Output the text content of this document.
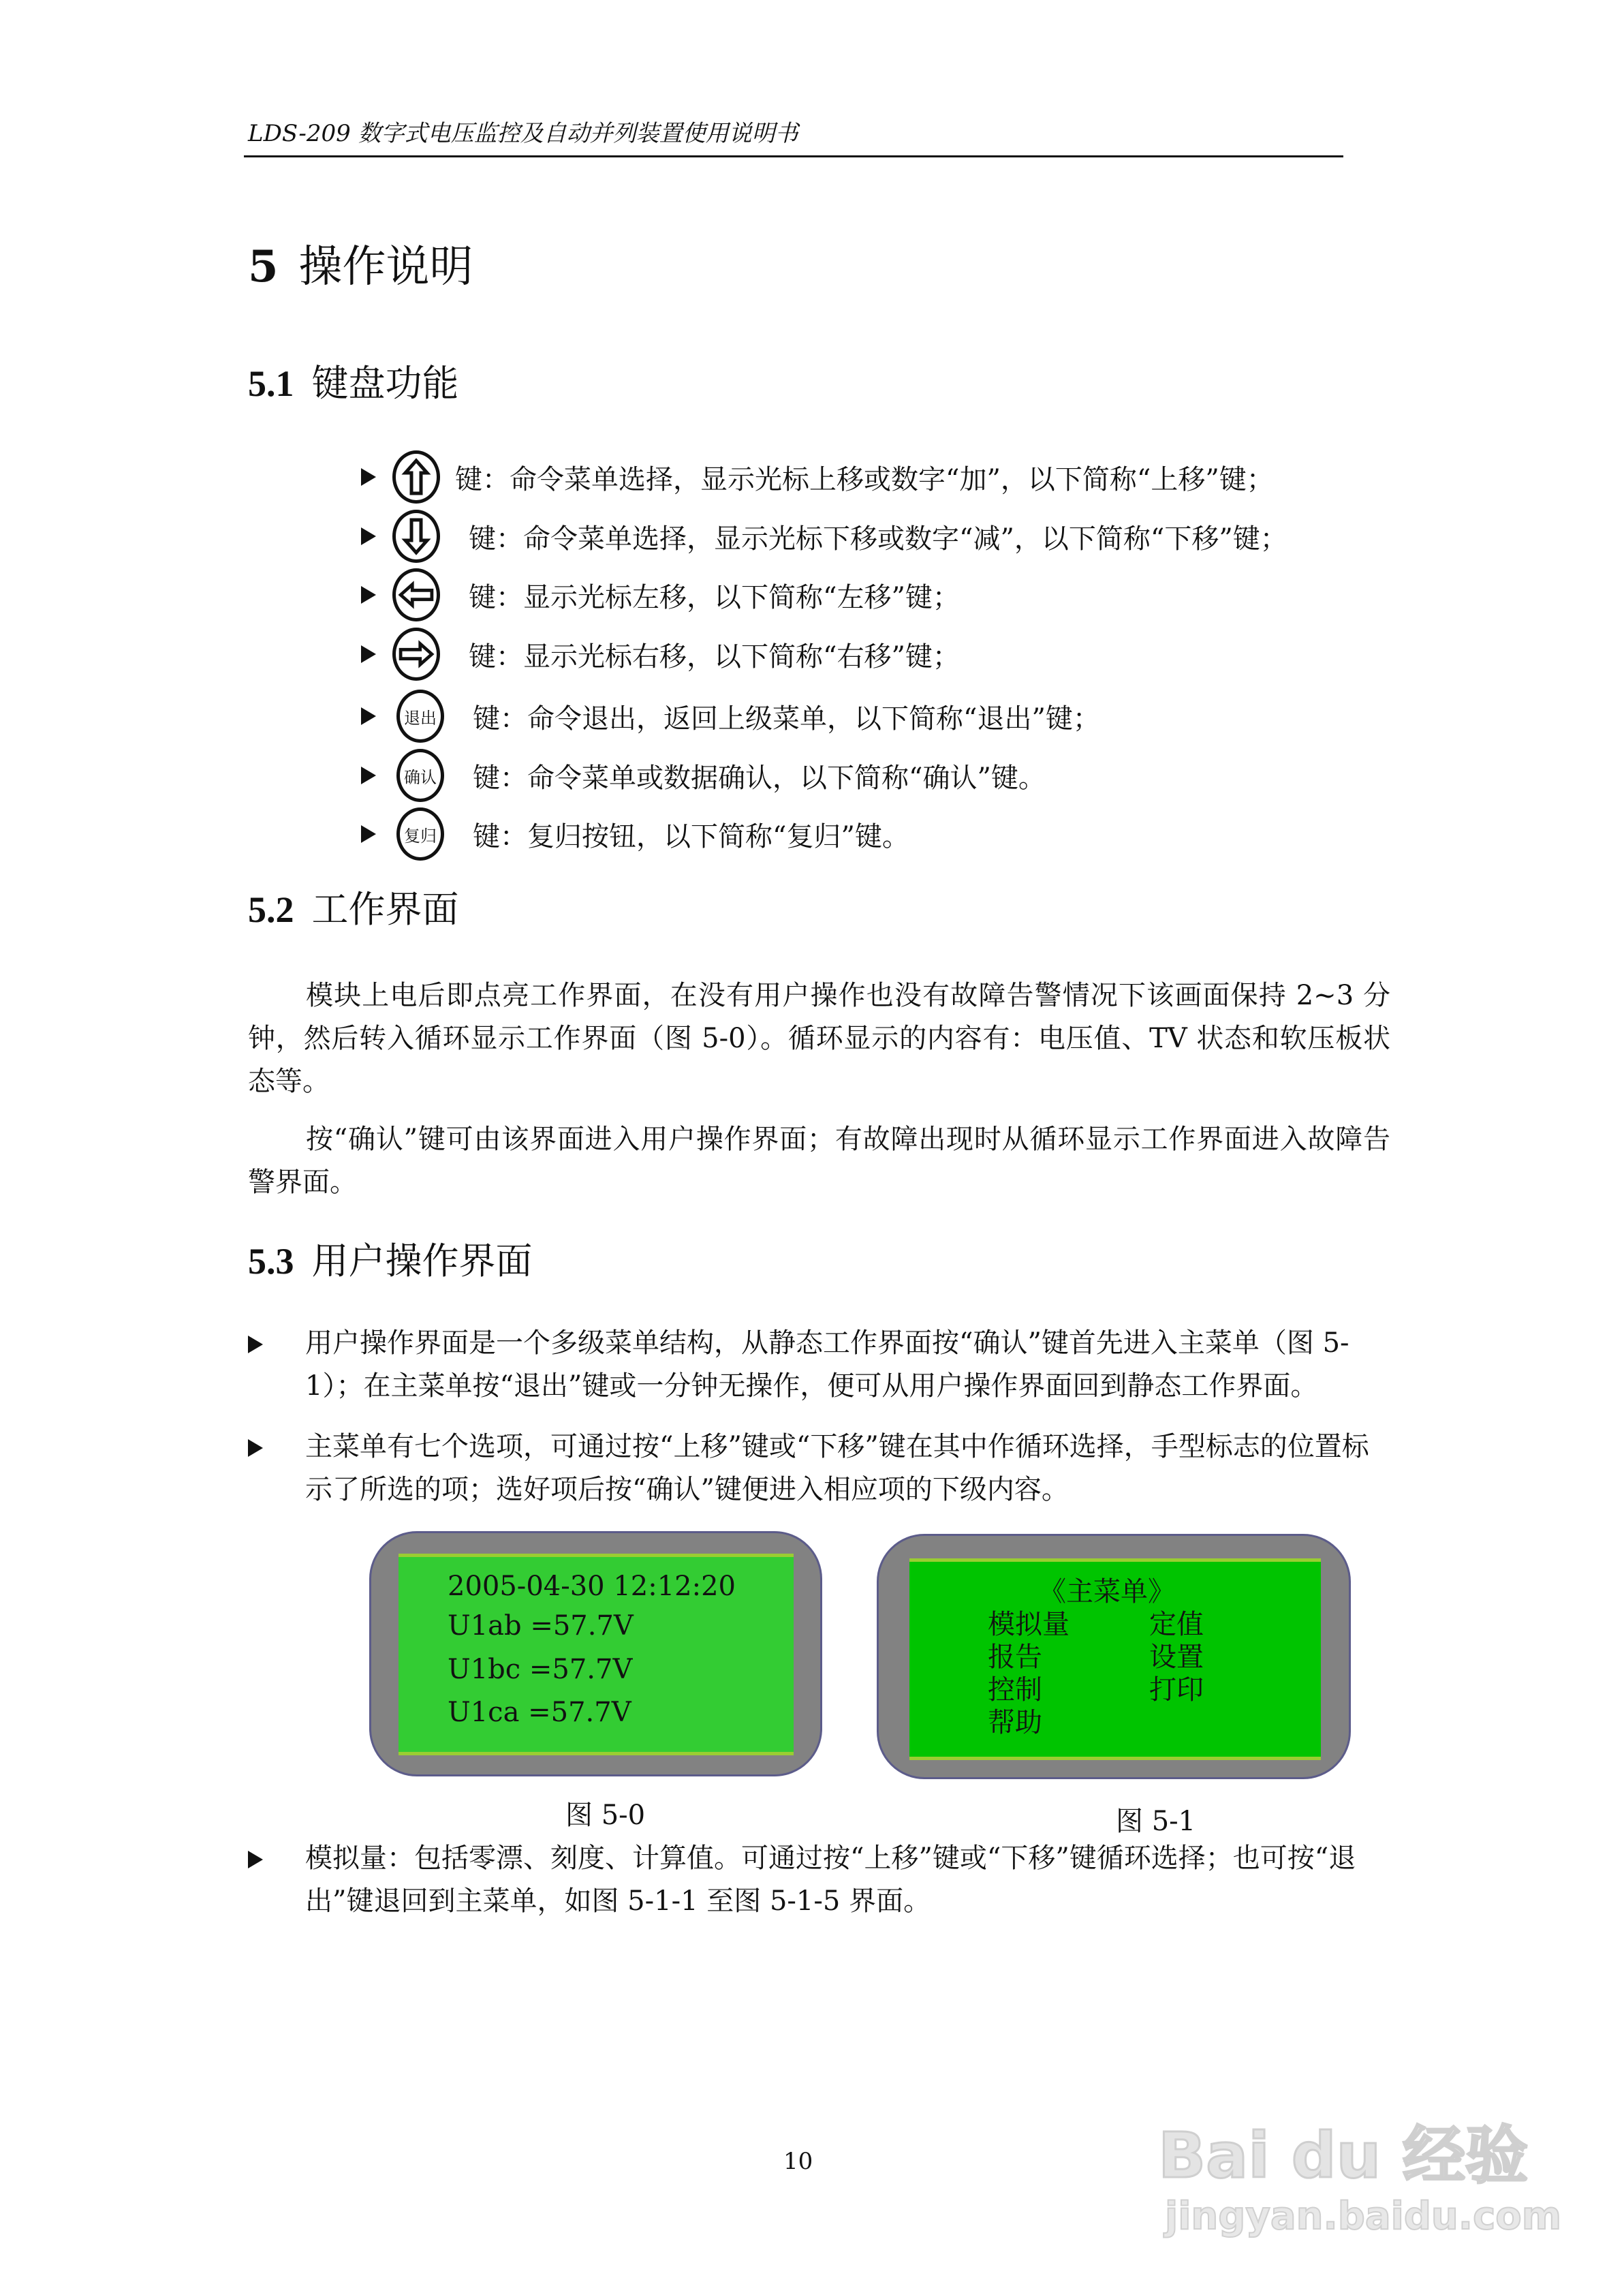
LDS-209 数字式电压监控及自动并列装置使用说明书
5 操作说明
5.1 键盘功能
键：命令菜单选择，显示光标上移或数字“加”，以下简称“上移”键；
键：命令菜单选择，显示光标下移或数字“减”，以下简称“下移”键；
键：显示光标左移，以下简称“左移”键；
键：显示光标右移，以下简称“右移”键；
退出 键：命令退出，返回上级菜单，以下简称“退出”键；
确认 键：命令菜单或数据确认，以下简称“确认”键。
复归 键：复归按钮，以下简称“复归”键。
5.2 工作界面

模块上电后即点亮工作界面，在没有用户操作也没有故障告警情况下该画面保持 2~3 分钟，然后转入循环显示工作界面（图 5-0）。循环显示的内容有：电压值、TV 状态和软压板状态等。

按“确认”键可由该界面进入用户操作界面；有故障出现时从循环显示工作界面进入故障告警界面。

5.3 用户操作界面
用户操作界面是一个多级菜单结构，从静态工作界面按“确认”键首先进入主菜单（图 5-1）；在主菜单按“退出”键或一分钟无操作，便可从用户操作界面回到静态工作界面。
主菜单有七个选项，可通过按“上移”键或“下移”键在其中作循环选择，手型标志的位置标示了所选的项；选好项后按“确认”键便进入相应项的下级内容。
2005-04-30 12:12:20
U1ab =57.7V
U1bc =57.7V
U1ca =57.7V
图 5-0
《主菜单》
模拟量	定值
报告	设置
控制	打印
帮助
图 5-1
模拟量：包括零漂、刻度、计算值。可通过按“上移”键或“下移”键循环选择；也可按“退出”键退回到主菜单，如图 5-1-1 至图 5-1-5 界面。
10	Bai du 经验
jingyan.baidu.com
